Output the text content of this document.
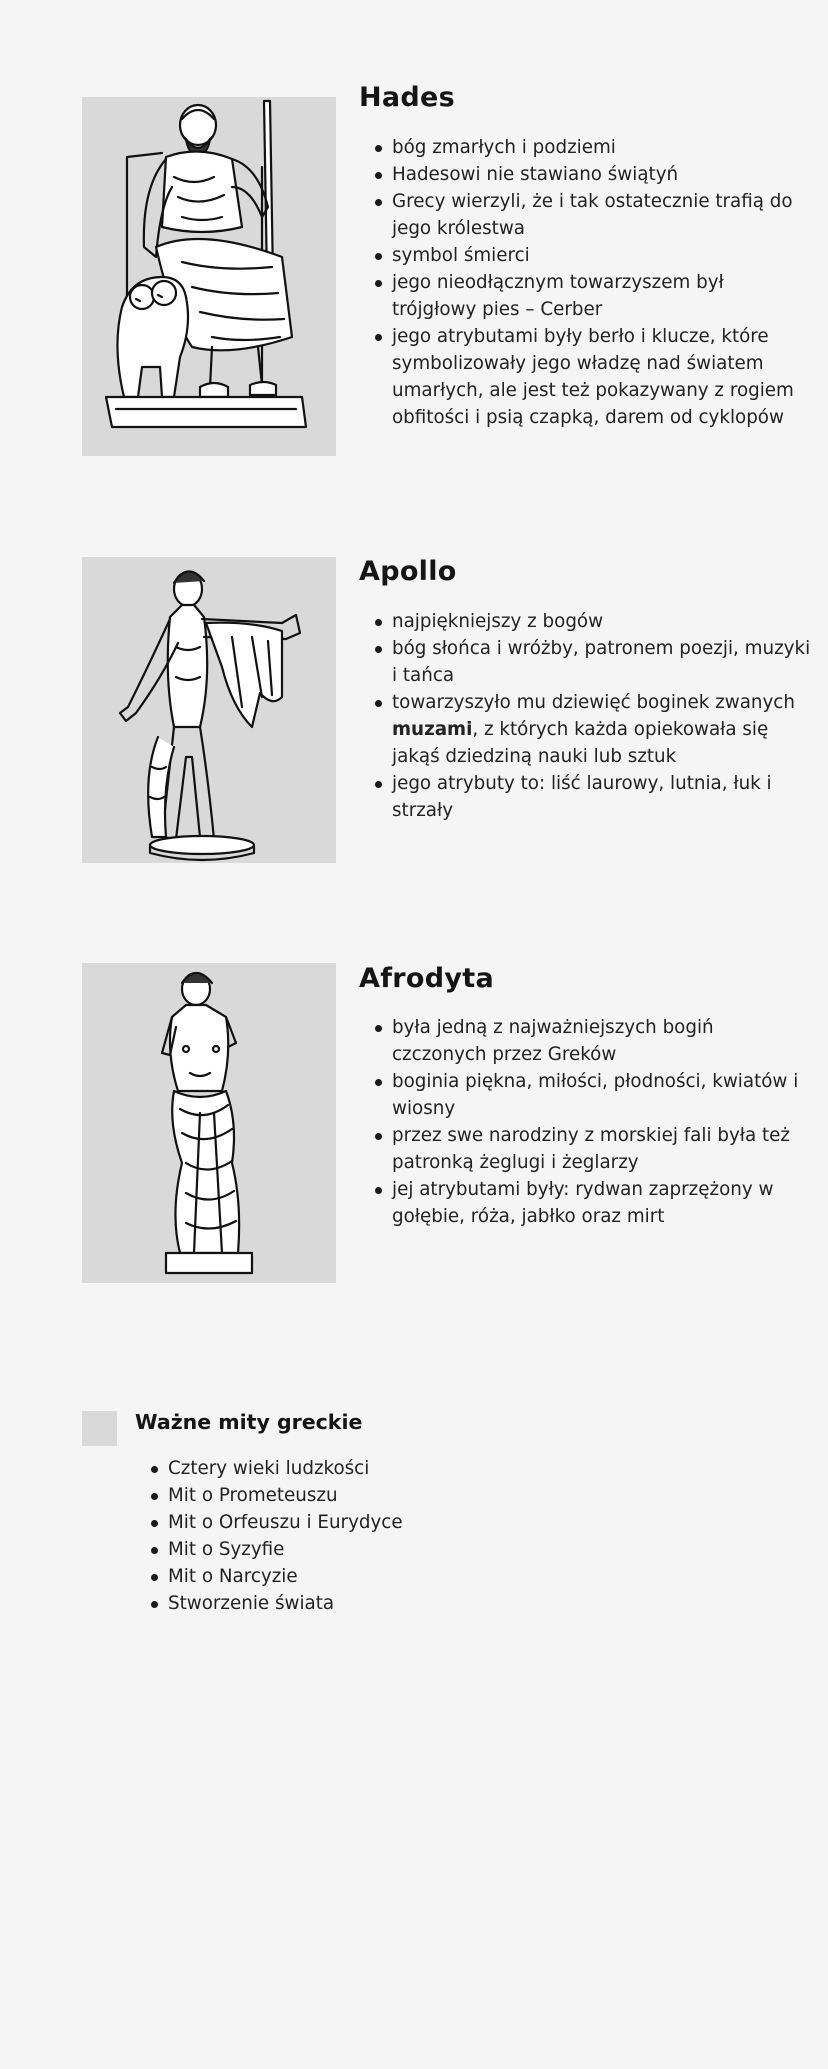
Hades
bóg zmarłych i podziemi
Hadesowi nie stawiano świątyń
Grecy wierzyli, że i tak ostatecznie trafią do jego królestwa
symbol śmierci
jego nieodłącznym towarzyszem był trójgłowy pies – Cerber
jego atrybutami były berło i klucze, które symbolizowały jego władzę nad światem umarłych, ale jest też pokazywany z rogiem obfitości i psią czapką, darem od cyklopów
Apollo
najpiękniejszy z bogów
bóg słońca i wróżby, patronem poezji, muzyki i tańca
towarzyszyło mu dziewięć boginek zwanych muzami, z których każda opiekowała się jakąś dziedziną nauki lub sztuk
jego atrybuty to: liść laurowy, lutnia, łuk i strzały
Afrodyta
była jedną z najważniejszych bogiń czczonych przez Greków
boginia piękna, miłości, płodności, kwiatów i wiosny
przez swe narodziny z morskiej fali była też patronką żeglugi i żeglarzy
jej atrybutami były: rydwan zaprzężony w gołębie, róża, jabłko oraz mirt
Ważne mity greckie
Cztery wieki ludzkości
Mit o Prometeuszu
Mit o Orfeuszu i Eurydyce
Mit o Syzyfie
Mit o Narcyzie
Stworzenie świata
